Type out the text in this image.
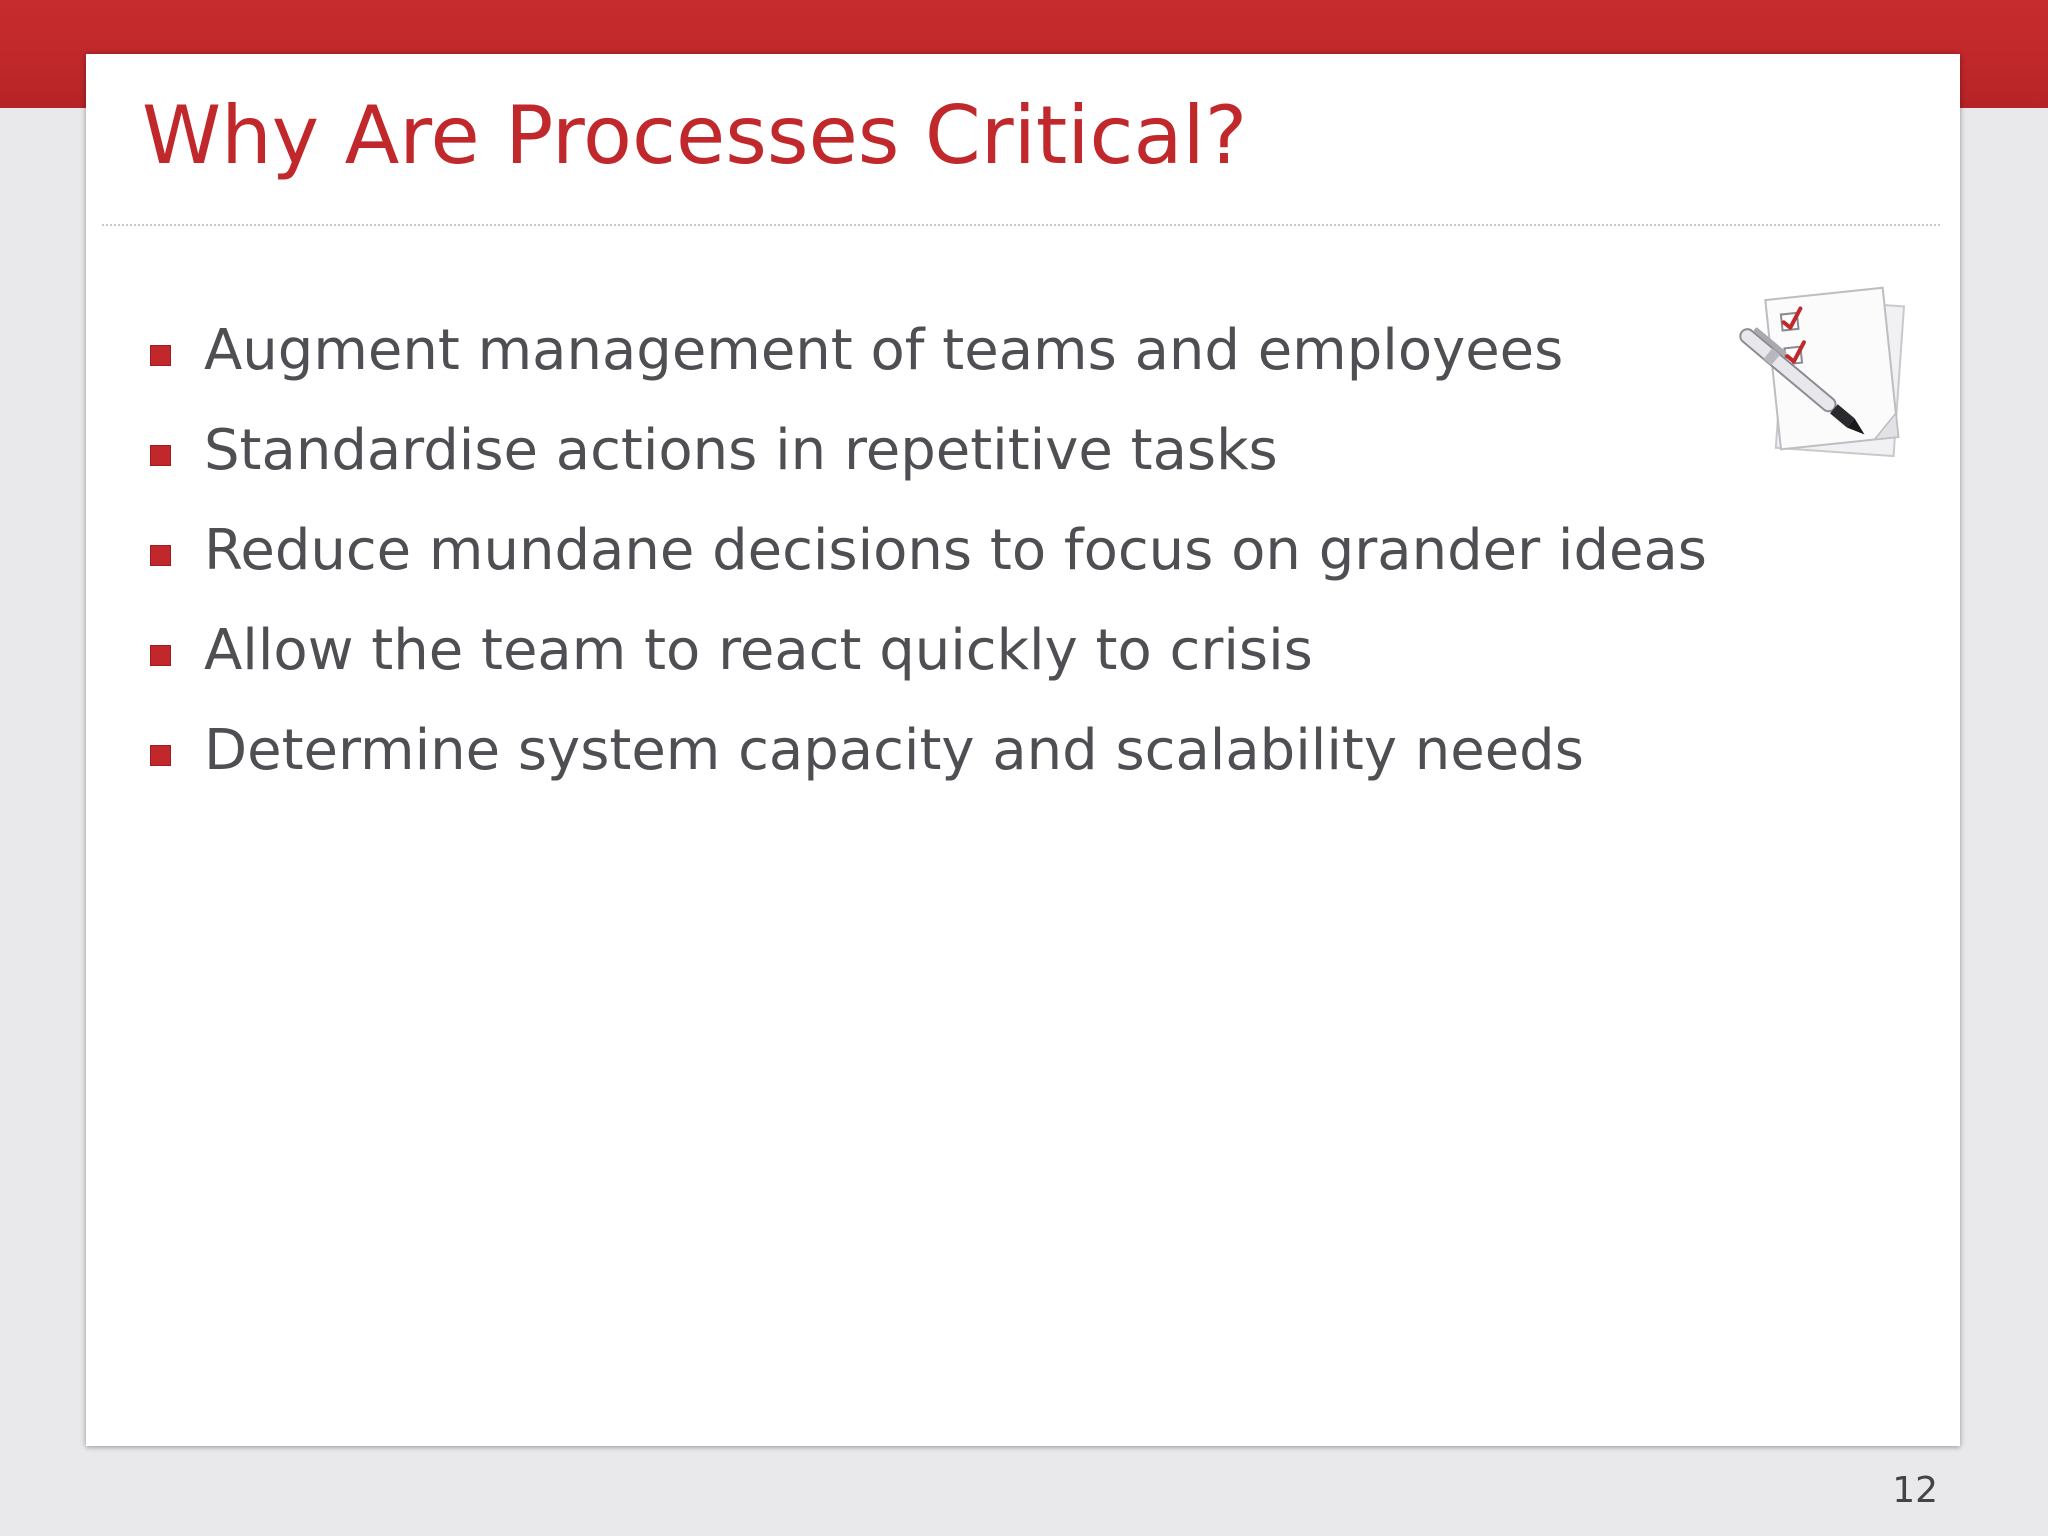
Why Are Processes Critical?
Augment management of teams and employees
Standardise actions in repetitive tasks
Reduce mundane decisions to focus on grander ideas
Allow the team to react quickly to crisis
Determine system capacity and scalability needs
12
